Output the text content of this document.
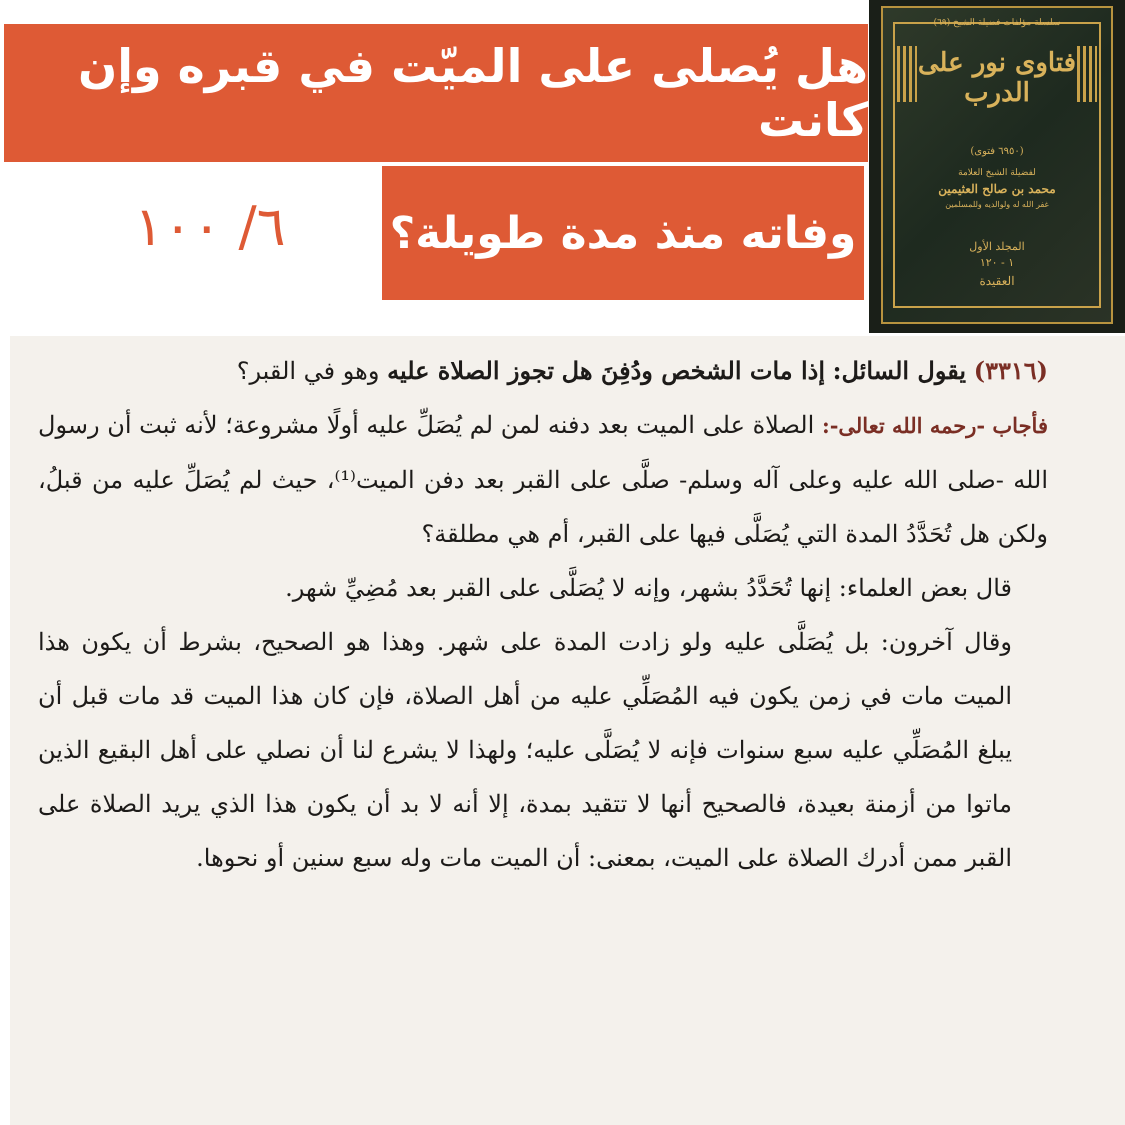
هل يُصلى على الميّت في قبره وإن كانت
وفاته منذ مدة طويلة؟
٦/ ١٠٠
سلسلة مؤلفات فضيلة الشيخ (٦٩)
فتاوى نور على الدرب
(٦٩٥٠ فتوى)
لفضيلة الشيخ العلامة
محمد بن صالح العثيمين
غفر الله له ولوالديه وللمسلمين
المجلد الأول
١ - ١٢٠
العقيدة

(٣٣١٦) يقول السائل: إذا مات الشخص ودُفِنَ هل تجوز الصلاة عليه وهو في القبر؟

فأجاب -رحمه الله تعالى-: الصلاة على الميت بعد دفنه لمن لم يُصَلِّ عليه أولًا مشروعة؛ لأنه ثبت أن رسول الله -صلى الله عليه وعلى آله وسلم- صلَّى على القبر بعد دفن الميت⁽¹⁾، حيث لم يُصَلِّ عليه من قبلُ، ولكن هل تُحَدَّدُ المدة التي يُصَلَّى فيها على القبر، أم هي مطلقة؟

قال بعض العلماء: إنها تُحَدَّدُ بشهر، وإنه لا يُصَلَّى على القبر بعد مُضِيِّ شهر.

وقال آخرون: بل يُصَلَّى عليه ولو زادت المدة على شهر. وهذا هو الصحيح، بشرط أن يكون هذا الميت مات في زمن يكون فيه المُصَلِّي عليه من أهل الصلاة، فإن كان هذا الميت قد مات قبل أن يبلغ المُصَلِّي عليه سبع سنوات فإنه لا يُصَلَّى عليه؛ ولهذا لا يشرع لنا أن نصلي على أهل البقيع الذين ماتوا من أزمنة بعيدة، فالصحيح أنها لا تتقيد بمدة، إلا أنه لا بد أن يكون هذا الذي يريد الصلاة على القبر ممن أدرك الصلاة على الميت، بمعنى: أن الميت مات وله سبع سنين أو نحوها.
